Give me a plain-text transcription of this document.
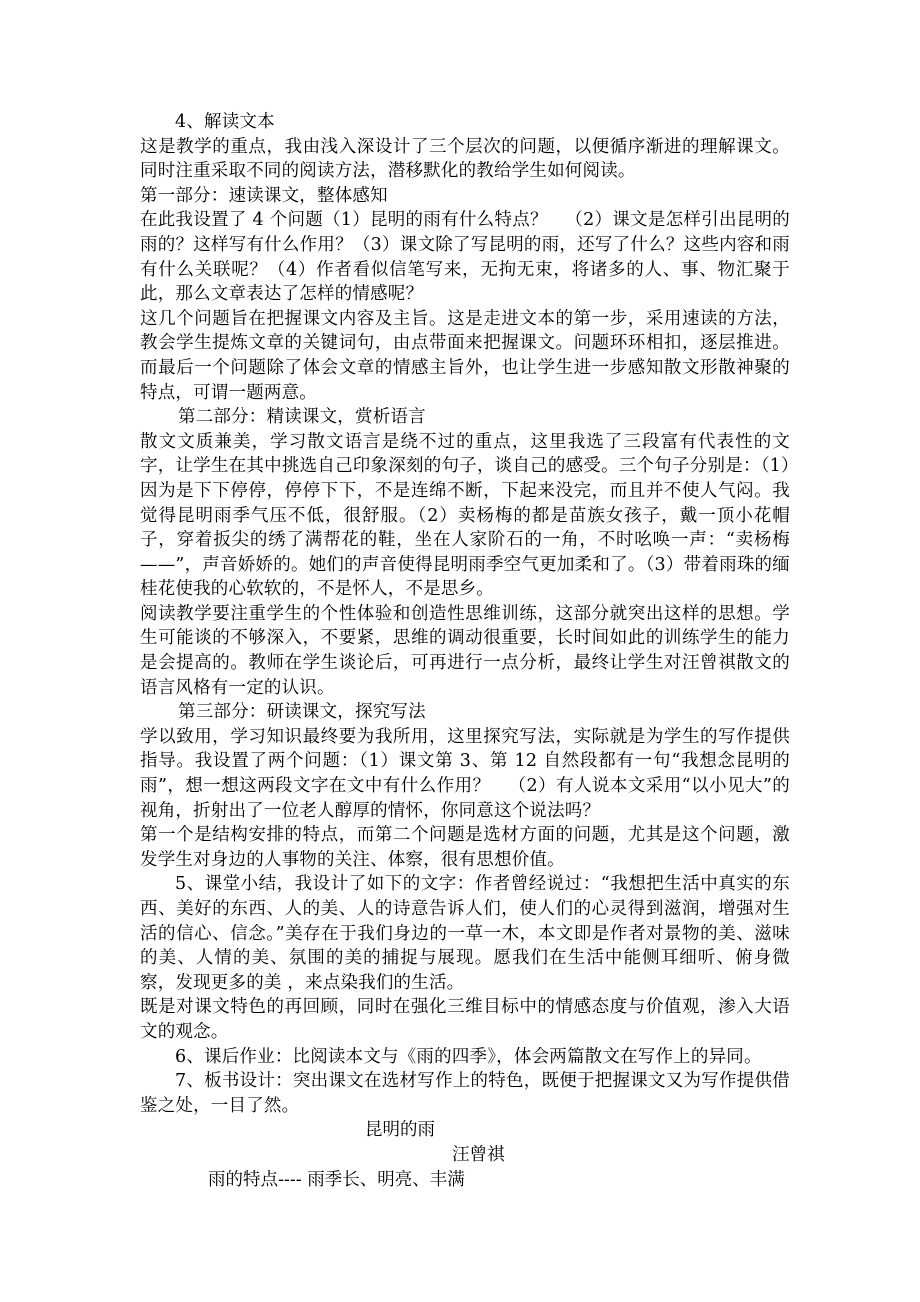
4、解读文本

这是教学的重点，我由浅入深设计了三个层次的问题，以便循序渐进的理解课文。同时注重采取不同的阅读方法，潜移默化的教给学生如何阅读。

第一部分：速读课文，整体感知

在此我设置了 4 个问题（1）昆明的雨有什么特点？   （2）课文是怎样引出昆明的雨的？这样写有什么作用？（3）课文除了写昆明的雨，还写了什么？这些内容和雨有什么关联呢？（4）作者看似信笔写来，无拘无束，将诸多的人、事、物汇聚于此，那么文章表达了怎样的情感呢？

这几个问题旨在把握课文内容及主旨。这是走进文本的第一步，采用速读的方法，教会学生提炼文章的关键词句，由点带面来把握课文。问题环环相扣，逐层推进。而最后一个问题除了体会文章的情感主旨外，也让学生进一步感知散文形散神聚的特点，可谓一题两意。

第二部分：精读课文，赏析语言

散文文质兼美，学习散文语言是绕不过的重点，这里我选了三段富有代表性的文字，让学生在其中挑选自己印象深刻的句子，谈自己的感受。三个句子分别是：（1）因为是下下停停，停停下下，不是连绵不断，下起来没完，而且并不使人气闷。我觉得昆明雨季气压不低，很舒服。（2）卖杨梅的都是苗族女孩子，戴一顶小花帽子，穿着扳尖的绣了满帮花的鞋，坐在人家阶石的一角，不时吆唤一声：“卖杨梅——”，声音娇娇的。她们的声音使得昆明雨季空气更加柔和了。（3）带着雨珠的缅桂花使我的心软软的，不是怀人，不是思乡。

阅读教学要注重学生的个性体验和创造性思维训练，这部分就突出这样的思想。学生可能谈的不够深入，不要紧，思维的调动很重要，长时间如此的训练学生的能力是会提高的。教师在学生谈论后，可再进行一点分析，最终让学生对汪曾祺散文的语言风格有一定的认识。

第三部分：研读课文，探究写法

学以致用，学习知识最终要为我所用，这里探究写法，实际就是为学生的写作提供指导。我设置了两个问题：（1）课文第 3、第 12 自然段都有一句“我想念昆明的雨”，想一想这两段文字在文中有什么作用？   （2）有人说本文采用“以小见大”的视角，折射出了一位老人醇厚的情怀，你同意这个说法吗？

第一个是结构安排的特点，而第二个问题是选材方面的问题，尤其是这个问题，激发学生对身边的人事物的关注、体察，很有思想价值。

5、课堂小结，我设计了如下的文字：作者曾经说过：“我想把生活中真实的东西、美好的东西、人的美、人的诗意告诉人们，使人们的心灵得到滋润，增强对生活的信心、信念。”美存在于我们身边的一草一木，本文即是作者对景物的美、滋味的美、人情的美、氛围的美的捕捉与展现。愿我们在生活中能侧耳细听、俯身微察，发现更多的美 ，来点染我们的生活。

既是对课文特色的再回顾，同时在强化三维目标中的情感态度与价值观，渗入大语文的观念。

6、课后作业：比阅读本文与《雨的四季》，体会两篇散文在写作上的异同。

7、板书设计：突出课文在选材写作上的特色，既便于把握课文又为写作提供借鉴之处，一目了然。

昆明的雨

汪曾祺

雨的特点---- 雨季长、明亮、丰满
